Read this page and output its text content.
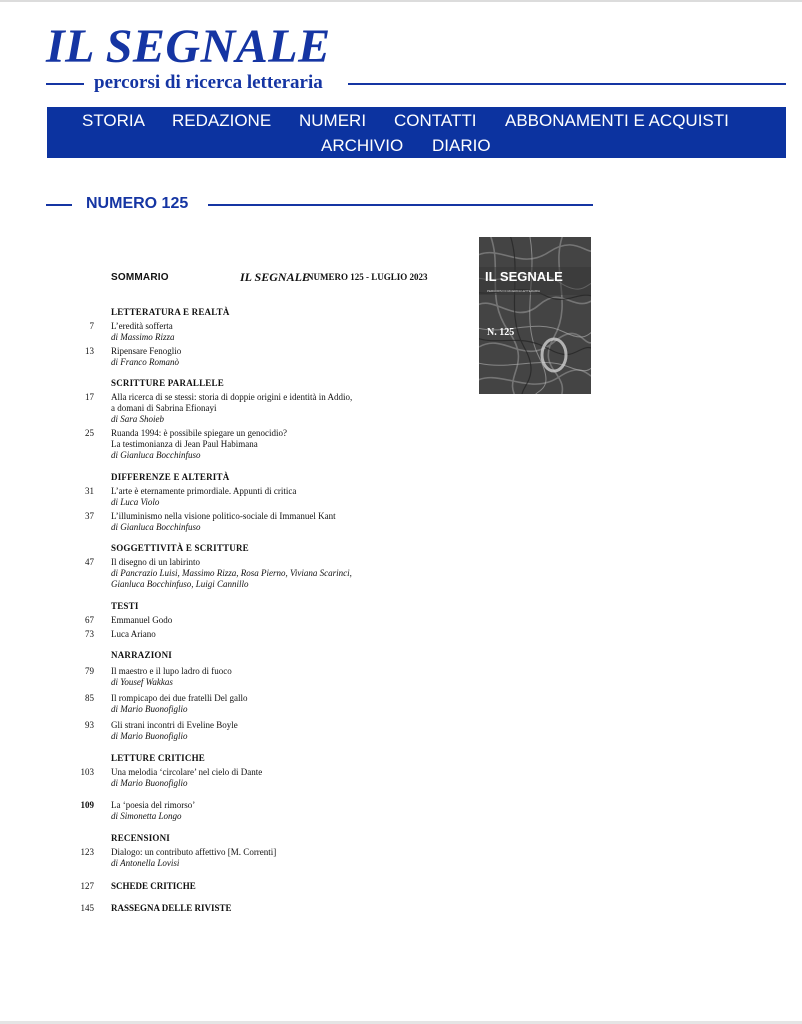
IL SEGNALE
percorsi di ricerca letteraria
STORIA REDAZIONE NUMERI CONTATTI ABBONAMENTI E ACQUISTI
ARCHIVIO DIARIO
NUMERO 125
SOMMARIO	IL SEGNALE
NUMERO 125 - LUGLIO 2023
LETTERATURA E REALTÀ
7 L’eredità sofferta
di Massimo Rizza
13 Ripensare Fenoglio
di Franco Romanò
SCRITTURE PARALLELE
17 Alla ricerca di se stessi: storia di doppie origini e identità in Addio,
a domani di Sabrina Efionayi
di Sara Shoieb
25 Ruanda 1994: è possibile spiegare un genocidio?
La testimonianza di Jean Paul Habimana
di Gianluca Bocchinfuso
DIFFERENZE E ALTERITÀ
31 L’arte è eternamente primordiale. Appunti di critica
di Luca Violo
37 L’illuminismo nella visione politico-sociale di Immanuel Kant
di Gianluca Bocchinfuso
SOGGETTIVITÀ E SCRITTURE
47 Il disegno di un labirinto
di Pancrazio Luisi, Massimo Rizza, Rosa Pierno, Viviana Scarinci,
Gianluca Bocchinfuso, Luigi Cannillo
TESTI
67 Emmanuel Godo
73 Luca Ariano
NARRAZIONI
79 Il maestro e il lupo ladro di fuoco
di Yousef Wakkas
85 Il rompicapo dei due fratelli Del gallo
di Mario Buonofiglio
93 Gli strani incontri di Eveline Boyle
di Mario Buonofiglio
LETTURE CRITICHE
103 Una melodia ‘circolare’ nel cielo di Dante
di Mario Buonofiglio
109 La ‘poesia del rimorso’
di Simonetta Longo
RECENSIONI
123 Dialogo: un contributo affettivo [M. Correnti]
di Antonella Lovisi
127 SCHEDE CRITICHE
145 RASSEGNA DELLE RIVISTE
IL SEGNALE
PERCORSI DI RICERCA LETTERARIA
N. 125
